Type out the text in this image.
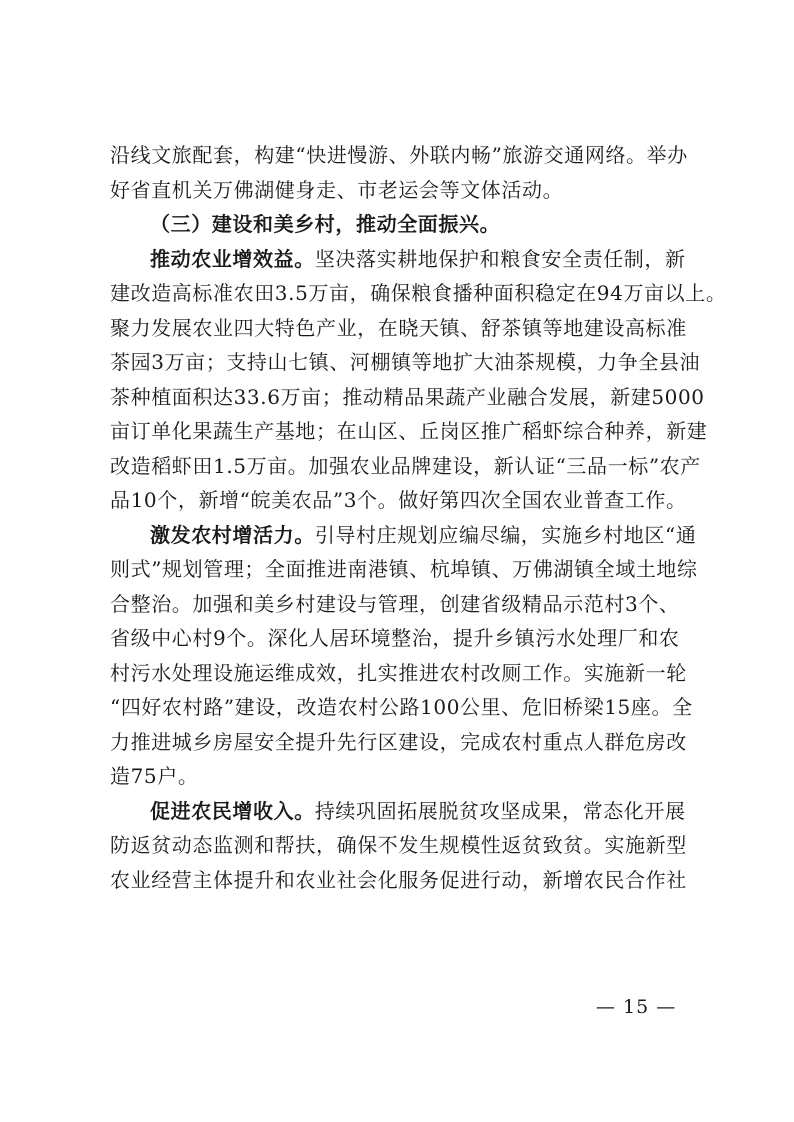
沿线文旅配套，构建“快进慢游、外联内畅”旅游交通网络。举办
好省直机关万佛湖健身走、市老运会等文体活动。
（三）建设和美乡村，推动全面振兴。
推动农业增效益。坚决落实耕地保护和粮食安全责任制，新
建改造高标准农田3.5万亩，确保粮食播种面积稳定在94万亩以上。
聚力发展农业四大特色产业，在晓天镇、舒茶镇等地建设高标准
茶园3万亩；支持山七镇、河棚镇等地扩大油茶规模，力争全县油
茶种植面积达33.6万亩；推动精品果蔬产业融合发展，新建5000
亩订单化果蔬生产基地；在山区、丘岗区推广稻虾综合种养，新建
改造稻虾田1.5万亩。加强农业品牌建设，新认证“三品一标”农产
品10个，新增“皖美农品”3个。做好第四次全国农业普查工作。
激发农村增活力。引导村庄规划应编尽编，实施乡村地区“通
则式”规划管理；全面推进南港镇、杭埠镇、万佛湖镇全域土地综
合整治。加强和美乡村建设与管理，创建省级精品示范村3个、
省级中心村9个。深化人居环境整治，提升乡镇污水处理厂和农
村污水处理设施运维成效，扎实推进农村改厕工作。实施新一轮
“四好农村路”建设，改造农村公路100公里、危旧桥梁15座。全
力推进城乡房屋安全提升先行区建设，完成农村重点人群危房改
造75户。
促进农民增收入。持续巩固拓展脱贫攻坚成果，常态化开展
防返贫动态监测和帮扶，确保不发生规模性返贫致贫。实施新型
农业经营主体提升和农业社会化服务促进行动，新增农民合作社
— 15 —
